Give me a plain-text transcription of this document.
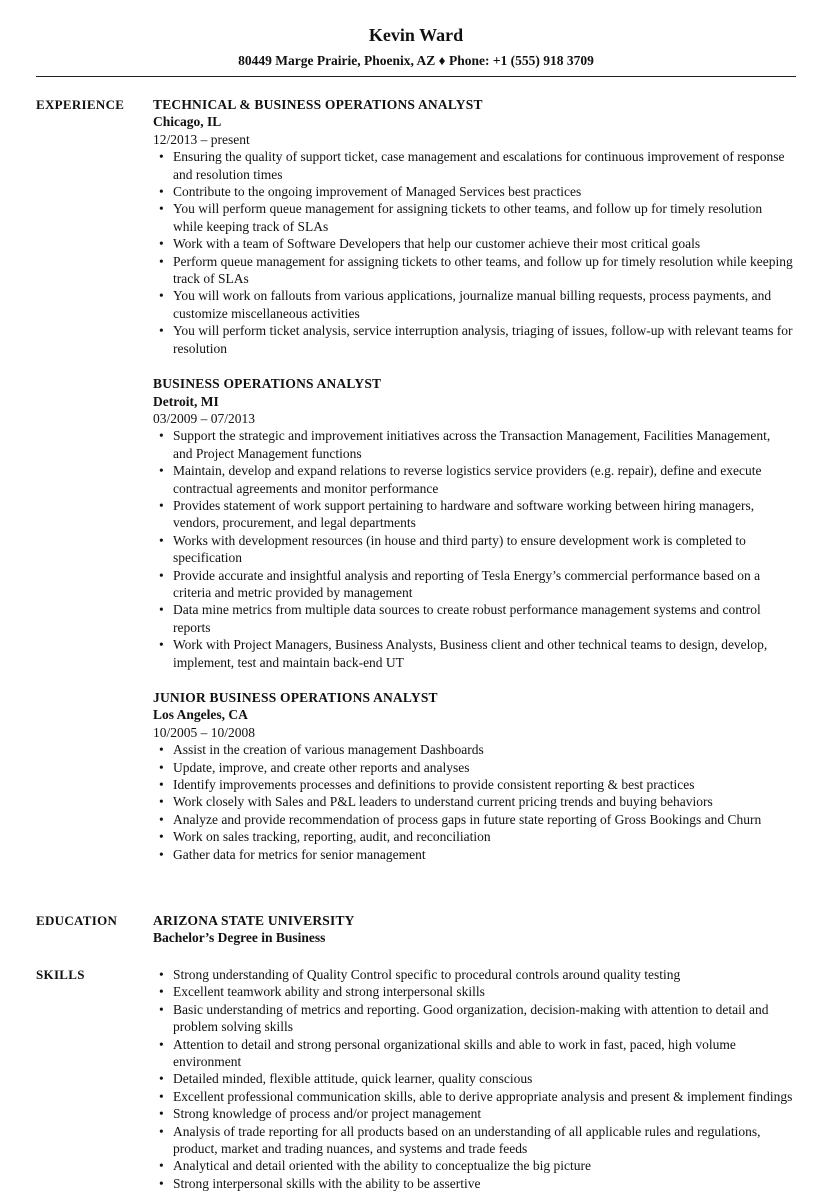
Kevin Ward
80449 Marge Prairie, Phoenix, AZ ♦ Phone: +1 (555) 918 3709
EXPERIENCE TECHNICAL & BUSINESS OPERATIONS ANALYST
Chicago, IL
12/2013 – present
• Ensuring the quality of support ticket, case management and escalations for continuous improvement of response and resolution times
• Contribute to the ongoing improvement of Managed Services best practices
• You will perform queue management for assigning tickets to other teams, and follow up for timely resolution while keeping track of SLAs
• Work with a team of Software Developers that help our customer achieve their most critical goals
• Perform queue management for assigning tickets to other teams, and follow up for timely resolution while keeping track of SLAs
• You will work on fallouts from various applications, journalize manual billing requests, process payments, and customize miscellaneous activities
• You will perform ticket analysis, service interruption analysis, triaging of issues, follow-up with relevant teams for resolution
BUSINESS OPERATIONS ANALYST
Detroit, MI
03/2009 – 07/2013
• Support the strategic and improvement initiatives across the Transaction Management, Facilities Management, and Project Management functions
• Maintain, develop and expand relations to reverse logistics service providers (e.g. repair), define and execute contractual agreements and monitor performance
• Provides statement of work support pertaining to hardware and software working between hiring managers, vendors, procurement, and legal departments
• Works with development resources (in house and third party) to ensure development work is completed to specification
• Provide accurate and insightful analysis and reporting of Tesla Energy’s commercial performance based on a criteria and metric provided by management
• Data mine metrics from multiple data sources to create robust performance management systems and control reports
• Work with Project Managers, Business Analysts, Business client and other technical teams to design, develop, implement, test and maintain back-end UT
JUNIOR BUSINESS OPERATIONS ANALYST
Los Angeles, CA
10/2005 – 10/2008
• Assist in the creation of various management Dashboards
• Update, improve, and create other reports and analyses
• Identify improvements processes and definitions to provide consistent reporting & best practices
• Work closely with Sales and P&L leaders to understand current pricing trends and buying behaviors
• Analyze and provide recommendation of process gaps in future state reporting of Gross Bookings and Churn
• Work on sales tracking, reporting, audit, and reconciliation
• Gather data for metrics for senior management
EDUCATION	ARIZONA STATE UNIVERSITY
Bachelor’s Degree in Business
SKILLS
•	Strong understanding of Quality Control specific to procedural controls around quality testing
• Excellent teamwork ability and strong interpersonal skills
• Basic understanding of metrics and reporting. Good organization, decision-making with attention to detail and problem solving skills
• Attention to detail and strong personal organizational skills and able to work in fast, paced, high volume environment
• Detailed minded, flexible attitude, quick learner, quality conscious
• Excellent professional communication skills, able to derive appropriate analysis and present & implement findings
• Strong knowledge of process and/or project management
• Analysis of trade reporting for all products based on an understanding of all applicable rules and regulations, product, market and trading nuances, and systems and trade feeds
• Analytical and detail oriented with the ability to conceptualize the big picture
• Strong interpersonal skills with the ability to be assertive
